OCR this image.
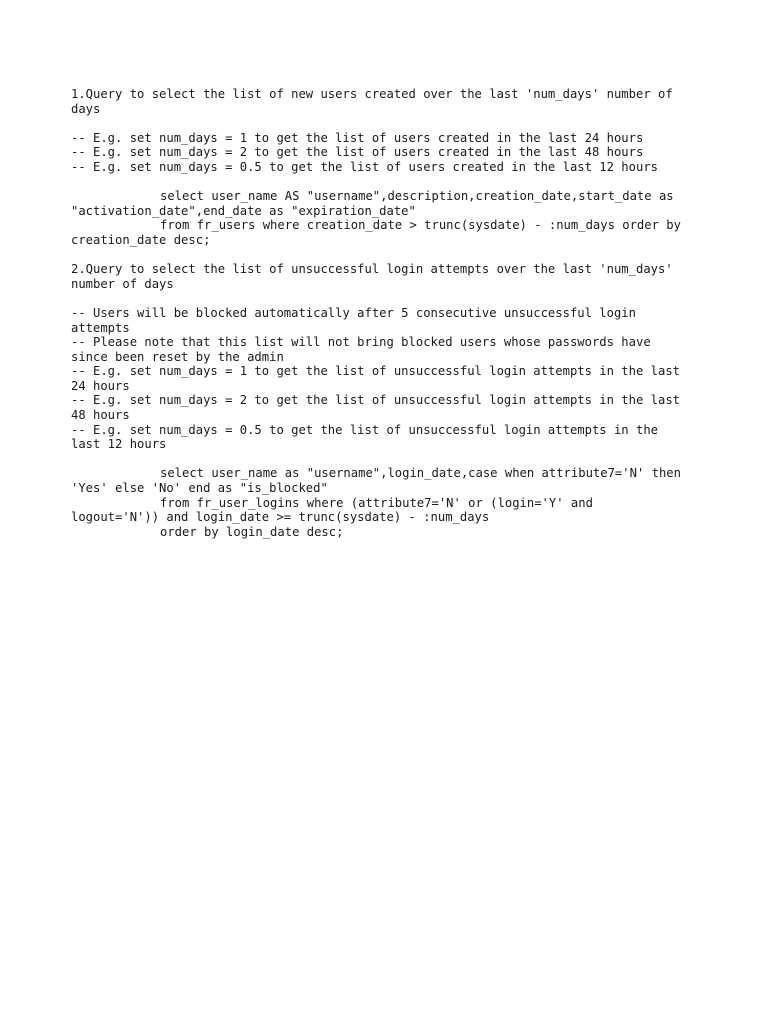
1.Query to select the list of new users created over the last 'num_days' number of
days
-- E.g. set num_days = 1 to get the list of users created in the last 24 hours
-- E.g. set num_days = 2 to get the list of users created in the last 48 hours
-- E.g. set num_days = 0.5 to get the list of users created in the last 12 hours
select user_name AS "username",description,creation_date,start_date as
"activation_date",end_date as "expiration_date"
from fr_users where creation_date > trunc(sysdate) - :num_days order by
creation_date desc;
2.Query to select the list of unsuccessful login attempts over the last 'num_days'
number of days
-- Users will be blocked automatically after 5 consecutive unsuccessful login
attempts
-- Please note that this list will not bring blocked users whose passwords have
since been reset by the admin
-- E.g. set num_days = 1 to get the list of unsuccessful login attempts in the last
24 hours
-- E.g. set num_days = 2 to get the list of unsuccessful login attempts in the last
48 hours
-- E.g. set num_days = 0.5 to get the list of unsuccessful login attempts in the
last 12 hours
select user_name as "username",login_date,case when attribute7='N' then
'Yes' else 'No' end as "is_blocked"
from fr_user_logins where (attribute7='N' or (login='Y' and
logout='N')) and login_date >= trunc(sysdate) - :num_days
order by login_date desc;
